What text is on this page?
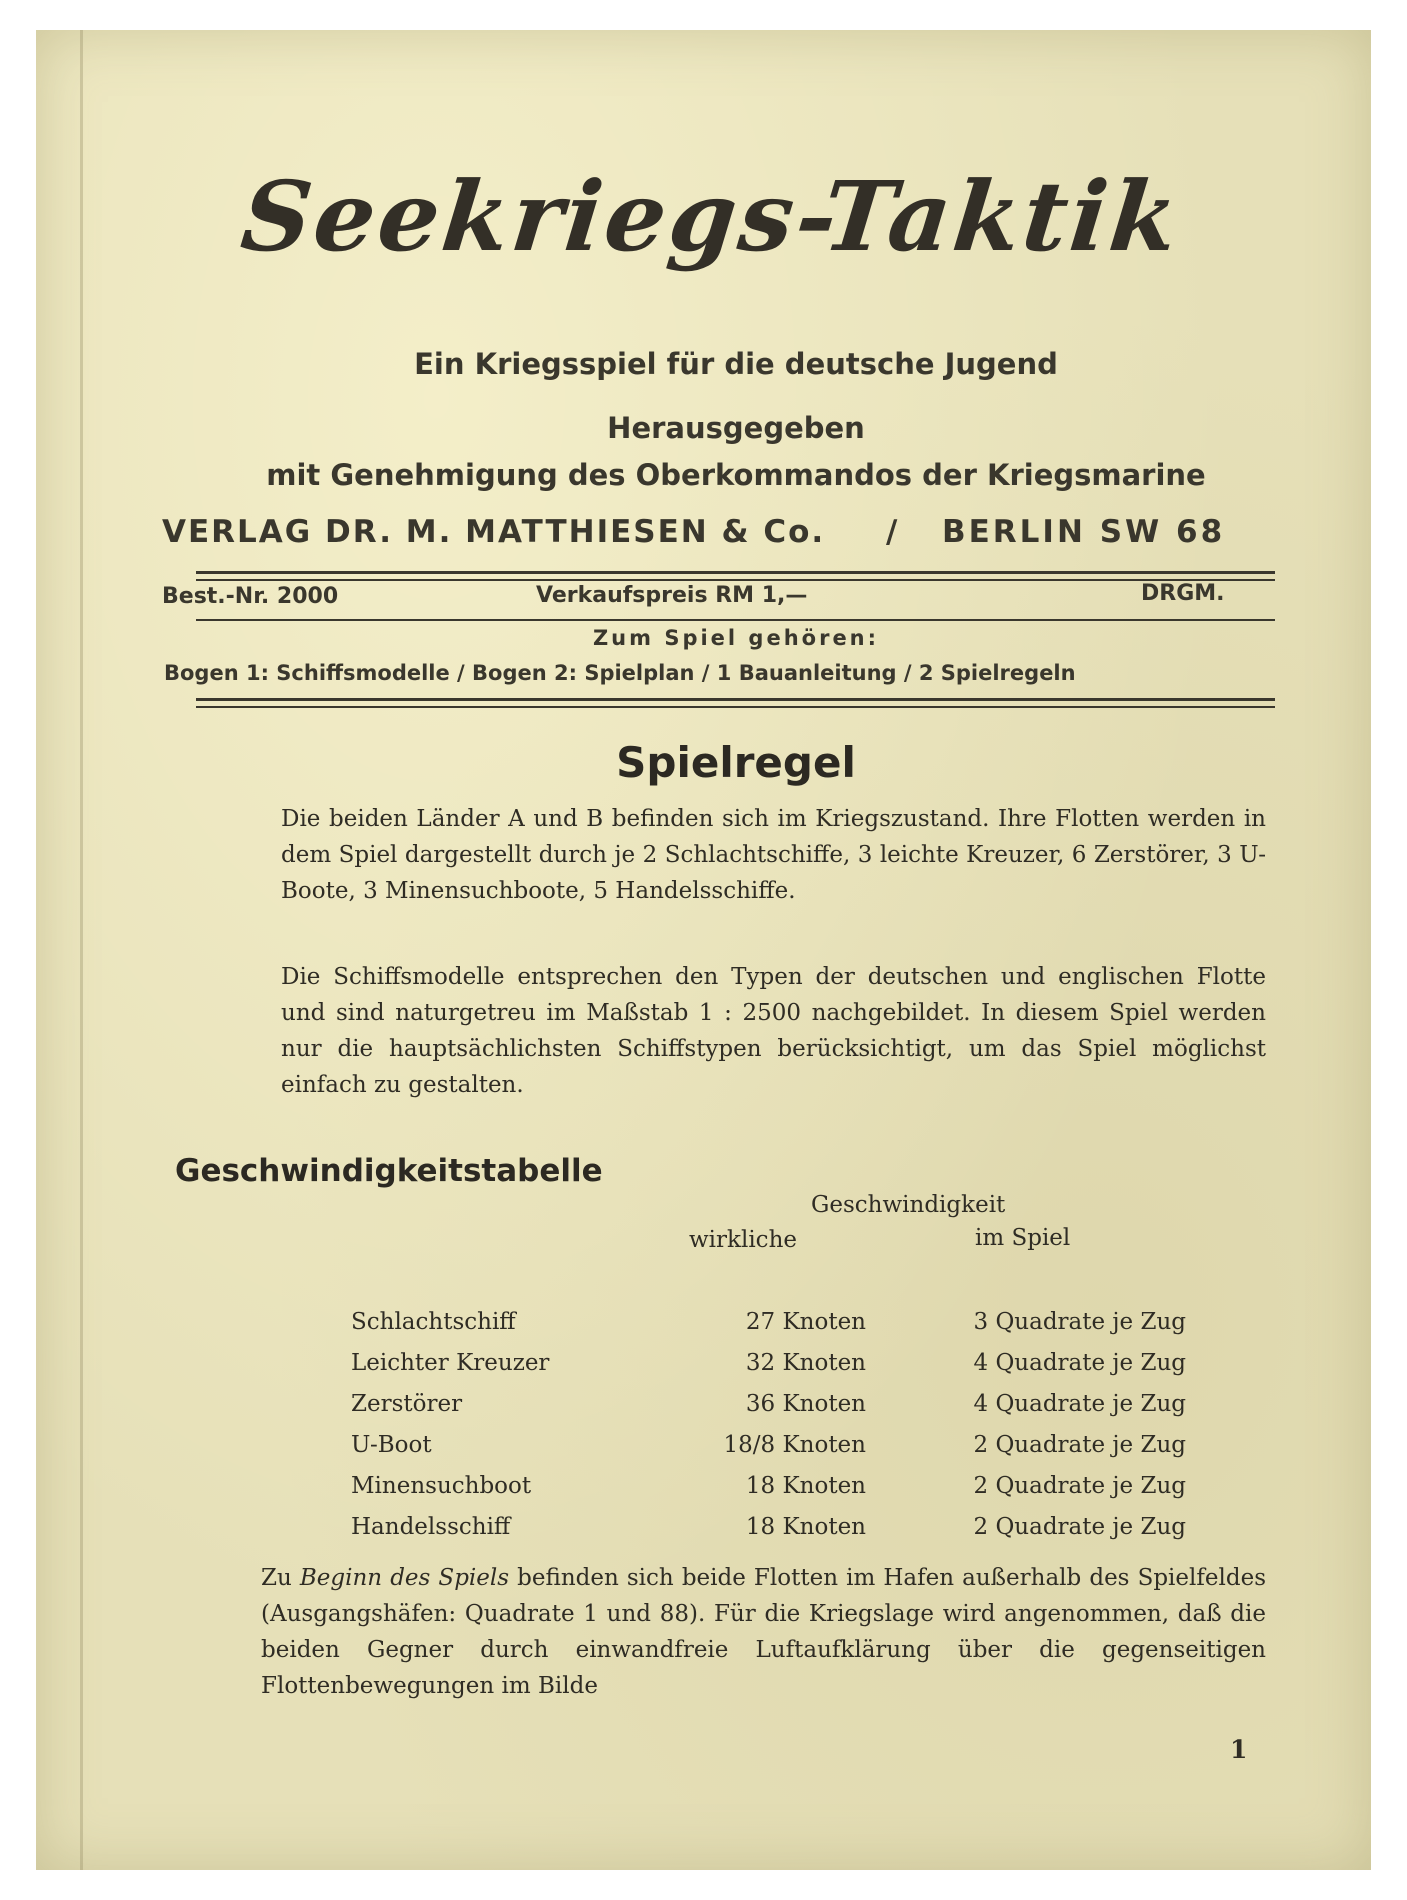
Seekriegs-Taktik
Ein Kriegsspiel für die deutsche Jugend
Herausgegeben
mit Genehmigung des Oberkommandos der Kriegsmarine
VERLAG DR. M. MATTHIESEN & Co. / BERLIN SW 68
Best.-Nr. 2000	Verkaufspreis RM 1,—	DRGM.
Zum Spiel gehören:
Bogen 1: Schiffsmodelle / Bogen 2: Spielplan / 1 Bauanleitung / 2 Spielregeln
Spielregel

Die beiden Länder A und B befinden sich im Kriegszustand. Ihre Flotten werden in dem Spiel dargestellt durch je 2 Schlachtschiffe, 3 leichte Kreuzer, 6 Zerstörer, 3 U-Boote, 3 Minensuchboote, 5 Handelsschiffe.

Die Schiffsmodelle entsprechen den Typen der deutschen und englischen Flotte und sind naturgetreu im Maßstab 1 : 2500 nachgebildet. In diesem Spiel werden nur die hauptsächlichsten Schiffstypen berücksichtigt, um das Spiel möglichst einfach zu gestalten.

Geschwindigkeitstabelle
Geschwindigkeit
wirkliche	im Spiel
Schlachtschiff	27 Knoten	3 Quadrate je Zug
Leichter Kreuzer	32 Knoten	4 Quadrate je Zug
Zerstörer	36 Knoten	4 Quadrate je Zug
U-Boot	18/8 Knoten	2 Quadrate je Zug
Minensuchboot	18 Knoten	2 Quadrate je Zug
Handelsschiff	18 Knoten	2 Quadrate je Zug

Zu Beginn des Spiels befinden sich beide Flotten im Hafen außerhalb des Spielfeldes (Ausgangshäfen: Quadrate 1 und 88). Für die Kriegslage wird angenommen, daß die beiden Gegner durch einwandfreie Luftaufklärung über die gegenseitigen Flottenbewegungen im Bilde

1
